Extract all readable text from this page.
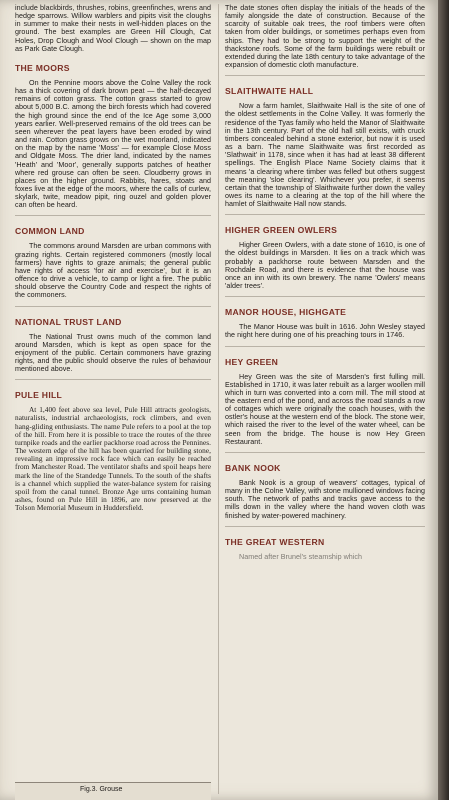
include blackbirds, thrushes, robins, greenfinches, wrens and hedge sparrows. Willow warblers and pipits visit the cloughs in summer to make their nests in well-hidden places on the ground. The best examples are Green Hill Clough, Cat Holes, Drop Clough and Wool Clough — shown on the map as Park Gate Clough.

THE MOORS

On the Pennine moors above the Colne Valley the rock has a thick covering of dark brown peat — the half-decayed remains of cotton grass. The cotton grass started to grow about 5,000 B.C. among the birch forests which had covered the high ground since the end of the Ice Age some 3,000 years earlier. Well-preserved remains of the old trees can be seen wherever the peat layers have been eroded by wind and rain. Cotton grass grows on the wet moorland, indicated on the map by the name 'Moss' — for example Close Moss and Oldgate Moss. The drier land, indicated by the names 'Heath' and 'Moor', generally supports patches of heather where red grouse can often be seen. Cloudberry grows in places on the higher ground. Rabbits, hares, stoats and foxes live at the edge of the moors, where the calls of curlew, skylark, twite, meadow pipit, ring ouzel and golden plover can often be heard.

COMMON LAND

The commons around Marsden are urban commons with grazing rights. Certain registered commoners (mostly local farmers) have rights to graze animals; the general public have rights of access 'for air and exercise', but it is an offence to drive a vehicle, to camp or light a fire. The public should observe the Country Code and respect the rights of the commoners.

NATIONAL TRUST LAND

The National Trust owns much of the common land around Marsden, which is kept as open space for the enjoyment of the public. Certain commoners have grazing rights, and the public should observe the rules of behaviour mentioned above.

PULE HILL

At 1,400 feet above sea level, Pule Hill attracts geologists, naturalists, industrial archaeologists, rock climbers, and even hang-gliding enthusiasts. The name Pule refers to a pool at the top of the hill. From here it is possible to trace the routes of the three turnpike roads and the earlier packhorse road across the Pennines. The western edge of the hill has been quarried for building stone, revealing an impressive rock face which can easily be reached from Manchester Road. The ventilator shafts and spoil heaps here mark the line of the Standedge Tunnels. To the south of the shafts is a channel which supplied the water-balance system for raising spoil from the canal tunnel. Bronze Age urns containing human ashes, found on Pule Hill in 1896, are now preserved at the Tolson Memorial Museum in Huddersfield.

The date stones often display the initials of the heads of the family alongside the date of construction. Because of the scarcity of suitable oak trees, the roof timbers were often taken from older buildings, or sometimes perhaps even from ships. They had to be strong to support the weight of the thackstone roofs. Some of the farm buildings were rebuilt or extended during the late 18th century to take advantage of the expansion of domestic cloth manufacture.

SLAITHWAITE HALL

Now a farm hamlet, Slaithwaite Hall is the site of one of the oldest settlements in the Colne Valley. It was formerly the residence of the Tyas family who held the Manor of Slaithwaite in the 13th century. Part of the old hall still exists, with cruck timbers concealed behind a stone exterior, but now it is used as a barn. The name Slaithwaite was first recorded as 'Slathwait' in 1178, since when it has had at least 38 different spellings. The English Place Name Society claims that it means 'a clearing where timber was felled' but others suggest the meaning 'sloe clearing'. Whichever you prefer, it seems certain that the township of Slaithwaite further down the valley owes its name to a clearing at the top of the hill where the hamlet of Slaithwaite Hall now stands.

HIGHER GREEN OWLERS

Higher Green Owlers, with a date stone of 1610, is one of the oldest buildings in Marsden. It lies on a track which was probably a packhorse route between Marsden and the Rochdale Road, and there is evidence that the house was once an inn with its own brewery. The name 'Owlers' means 'alder trees'.

MANOR HOUSE, HIGHGATE

The Manor House was built in 1616. John Wesley stayed the night here during one of his preaching tours in 1746.

HEY GREEN

Hey Green was the site of Marsden's first fulling mill. Established in 1710, it was later rebuilt as a larger woollen mill which in turn was converted into a corn mill. The mill stood at the eastern end of the pond, and across the road stands a row of cottages which were originally the coach houses, with the ostler's house at the western end of the block. The stone weir, which raised the river to the level of the water wheel, can be seen from the bridge. The house is now Hey Green Restaurant.

BANK NOOK

Bank Nook is a group of weavers' cottages, typical of many in the Colne Valley, with stone mullioned windows facing south. The network of paths and tracks gave access to the mills down in the valley where the hand woven cloth was finished by water-powered machinery.

THE GREAT WESTERN

Named after Brunel's steamship which

Fig.3. Grouse
